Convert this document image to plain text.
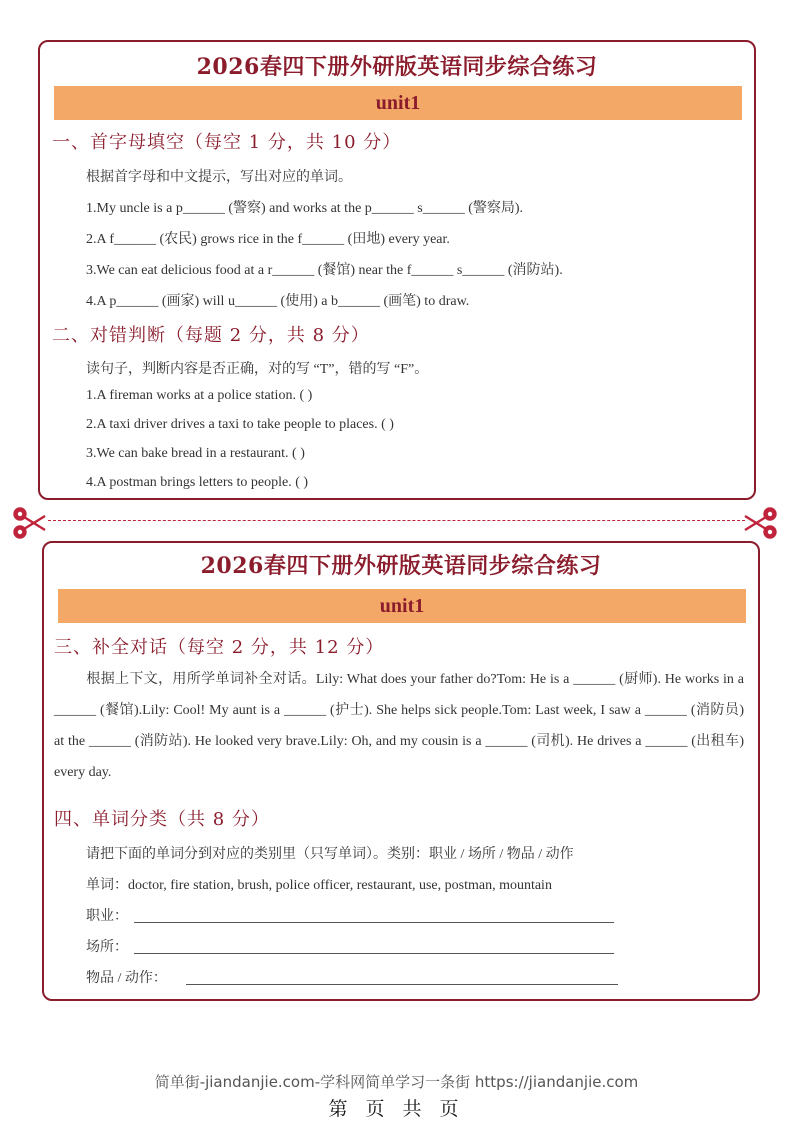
2026春四下册外研版英语同步综合练习
unit1
一、首字母填空（每空 1 分，共 10 分）
根据首字母和中文提示，写出对应的单词。
1.My uncle is a p______ (警察) and works at the p______ s______ (警察局).
2.A f______ (农民) grows rice in the f______ (田地) every year.
3.We can eat delicious food at a r______ (餐馆) near the f______ s______ (消防站).
4.A p______ (画家) will u______ (使用) a b______ (画笔) to draw.
二、对错判断（每题 2 分，共 8 分）
读句子，判断内容是否正确，对的写 “T”，错的写 “F”。
1.A fireman works at a police station. ( )
2.A taxi driver drives a taxi to take people to places. ( )
3.We can bake bread in a restaurant. ( )
4.A postman brings letters to people. ( )
2026春四下册外研版英语同步综合练习
unit1
三、补全对话（每空 2 分，共 12 分）
根据上下文，用所学单词补全对话。Lily: What does your father do?Tom: He is a ______ (厨师). He works in a ______ (餐馆).Lily: Cool! My aunt is a ______ (护士). She helps sick people.Tom: Last week, I saw a ______ (消防员) at the ______ (消防站). He looked very brave.Lily: Oh, and my cousin is a ______ (司机). He drives a ______ (出租车) every day.
四、单词分类（共 8 分）
请把下面的单词分到对应的类别里（只写单词）。类别：职业 / 场所 / 物品 / 动作
单词：doctor, fire station, brush, police officer, restaurant, use, postman, mountain
职业：
场所：
物品 / 动作：
简单街-jiandanjie.com-学科网简单学习一条街 https://jiandanjie.com
第 页 共 页
